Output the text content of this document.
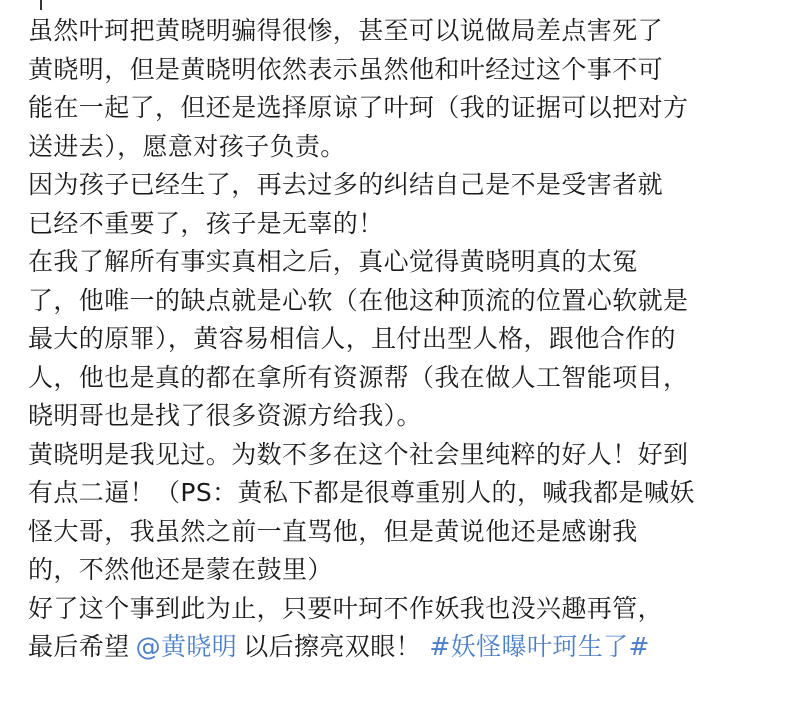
虽然叶珂把黄晓明骗得很惨，甚至可以说做局差点害死了
黄晓明，但是黄晓明依然表示虽然他和叶经过这个事不可
能在一起了，但还是选择原谅了叶珂（我的证据可以把对方
送进去），愿意对孩子负责。
因为孩子已经生了，再去过多的纠结自己是不是受害者就
已经不重要了，孩子是无辜的！
在我了解所有事实真相之后，真心觉得黄晓明真的太冤
了，他唯一的缺点就是心软（在他这种顶流的位置心软就是
最大的原罪），黄容易相信人，且付出型人格，跟他合作的
人，他也是真的都在拿所有资源帮（我在做人工智能项目，
晓明哥也是找了很多资源方给我）。
黄晓明是我见过。为数不多在这个社会里纯粹的好人！好到
有点二逼！（PS：黄私下都是很尊重别人的，喊我都是喊妖
怪大哥，我虽然之前一直骂他，但是黄说他还是感谢我
的，不然他还是蒙在鼓里）
好了这个事到此为止，只要叶珂不作妖我也没兴趣再管，
最后希望 @黄晓明 以后擦亮双眼！ #妖怪曝叶珂生了#
